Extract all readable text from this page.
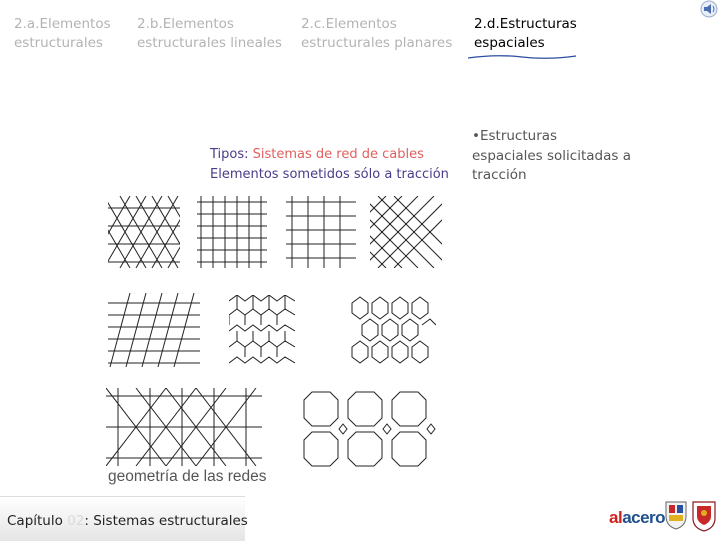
2.a.Elementos
estructurales
2.b.Elementos
estructurales lineales
2.c.Elementos
estructurales planares
2.d.Estructuras
espaciales
Tipos: Sistemas de red de cables
Elementos sometidos sólo a tracción
•Estructuras espaciales solicitadas a tracción
geometría de las redes
Capítulo 02: Sistemas estructurales	alacero
